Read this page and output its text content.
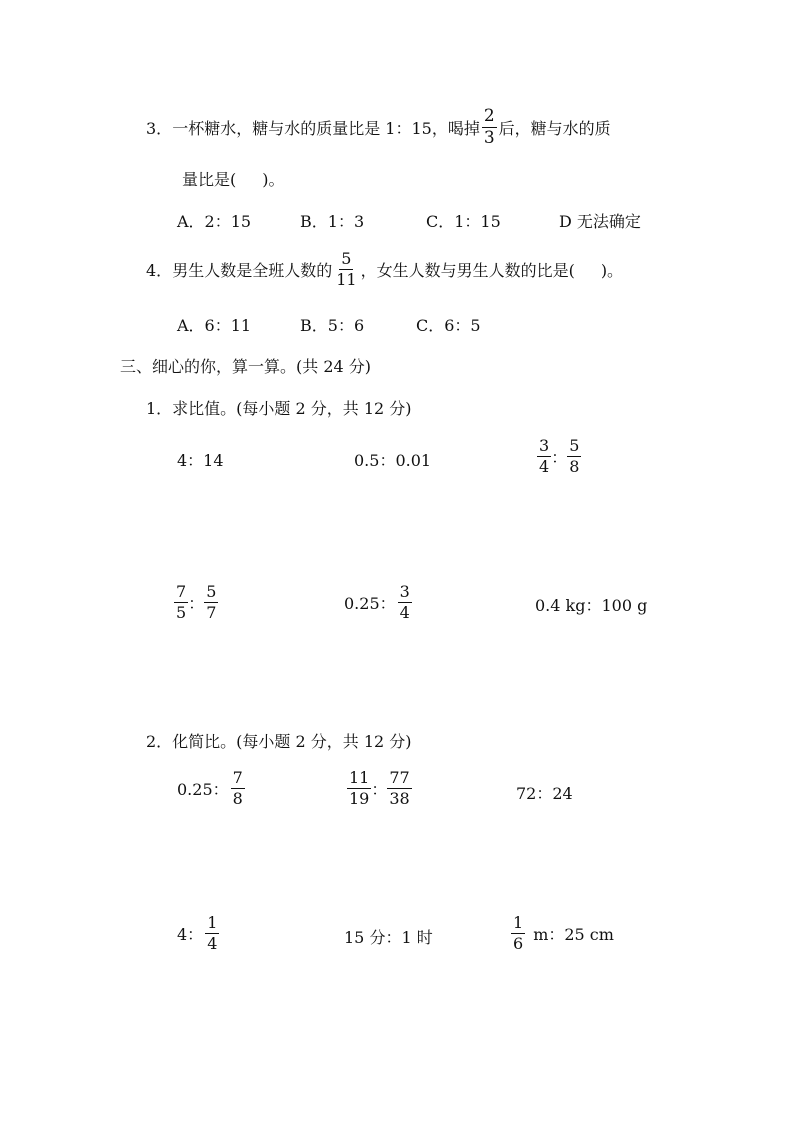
3． 一杯糖水，糖与水的质量比是 1：15，喝掉 $\frac{2}{3}$ 后，糖与水的质
量比是( )。
A．2：15	B．1：3	C．1：15	D 无法确定
4． 男生人数是全班人数的 $\frac{5}{11}$ ，女生人数与男生人数的比是( )。
A．6：11	B．5：6	C．6：5
三、细心的你，算一算。(共 24 分)
1．求比值。(每小题 2 分，共 12 分)
4：14	0.5：0.01	$\frac{3}{4}$ ： $\frac{5}{8}$
$\frac{7}{5}$ ： $\frac{5}{7}$	0.25： $\frac{3}{4}$	0.4 kg：100 g
2．化简比。(每小题 2 分，共 12 分)
0.25： $\frac{7}{8}$	$\frac{11}{19}$ ： $\frac{77}{38}$	72：24
4： $\frac{1}{4}$	15 分：1 时	$\frac{1}{6}$ m：25 cm
